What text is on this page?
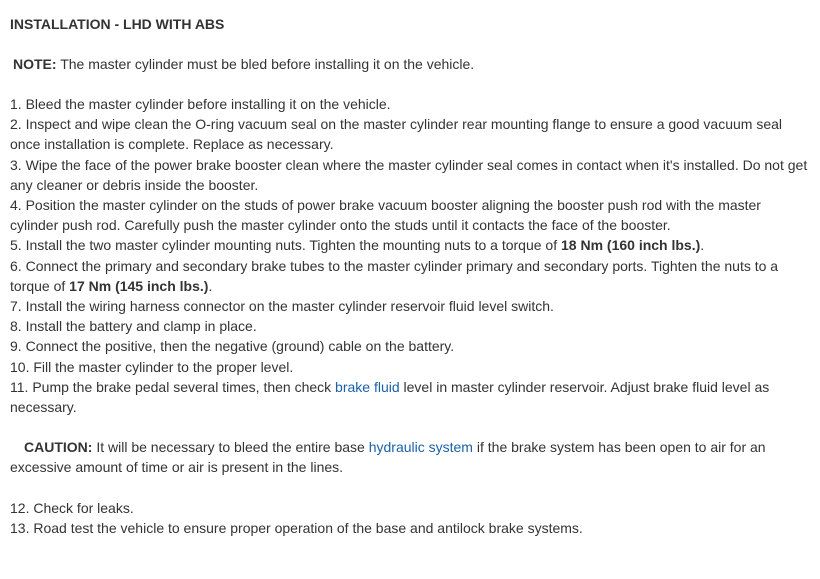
INSTALLATION - LHD WITH ABS
NOTE: The master cylinder must be bled before installing it on the vehicle.

1. Bleed the master cylinder before installing it on the vehicle.

2. Inspect and wipe clean the O-ring vacuum seal on the master cylinder rear mounting flange to ensure a good vacuum seal once installation is complete. Replace as necessary.

3. Wipe the face of the power brake booster clean where the master cylinder seal comes in contact when it's installed. Do not get any cleaner or debris inside the booster.

4. Position the master cylinder on the studs of power brake vacuum booster aligning the booster push rod with the master cylinder push rod. Carefully push the master cylinder onto the studs until it contacts the face of the booster.

5. Install the two master cylinder mounting nuts. Tighten the mounting nuts to a torque of 18 Nm (160 inch lbs.).

6. Connect the primary and secondary brake tubes to the master cylinder primary and secondary ports. Tighten the nuts to a torque of 17 Nm (145 inch lbs.).

7. Install the wiring harness connector on the master cylinder reservoir fluid level switch.

8. Install the battery and clamp in place.

9. Connect the positive, then the negative (ground) cable on the battery.

10. Fill the master cylinder to the proper level.

11. Pump the brake pedal several times, then check brake fluid level in master cylinder reservoir. Adjust brake fluid level as necessary.

CAUTION: It will be necessary to bleed the entire base hydraulic system if the brake system has been open to air for an excessive amount of time or air is present in the lines.

12. Check for leaks.

13. Road test the vehicle to ensure proper operation of the base and antilock brake systems.
